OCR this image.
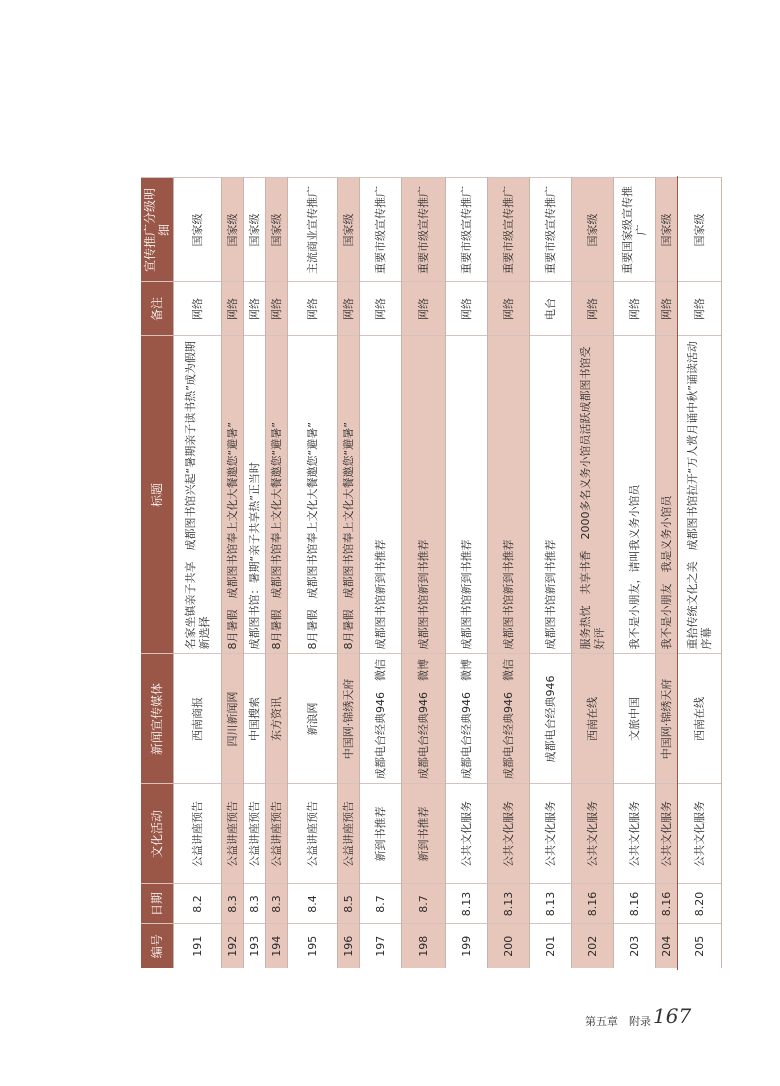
编号	日期	文化活动	新闻宣传媒体	标题	备注	宣传推广分级明细
191	8.2	公益讲座预告	西南商报	名家坐镇亲子共享　成都图书馆兴起“暑期亲子读书热”成为假期新选择	网络	国家级
192	8.3	公益讲座预告	四川新闻网	8月暑假　成都图书馆奉上文化大餐邀您“避暑”	网络	国家级
193	8.3	公益讲座预告	中国搜索	成都图书馆：暑期“亲子共享热”正当时	网络	国家级
194	8.3	公益讲座预告	东方资讯	8月暑假　成都图书馆奉上文化大餐邀您“避暑”	网络	国家级
195	8.4	公益讲座预告	新浪网	8月暑假　成都图书馆奉上文化大餐邀您“避暑”	网络	主流商业宣传推广
196	8.5	公益讲座预告	中国网·锦绣天府	8月暑假　成都图书馆奉上文化大餐邀您“避暑”	网络	国家级
197	8.7	新到书推荐	成都电台经典946　微信	成都图书馆新到书推荐	网络	重要市级宣传推广
198	8.7	新到书推荐	成都电台经典946　微博	成都图书馆新到书推荐	网络	重要市级宣传推广
199	8.13	公共文化服务	成都电台经典946　微博	成都图书馆新到书推荐	网络	重要市级宣传推广
200	8.13	公共文化服务	成都电台经典946　微信	成都图书馆新到书推荐	网络	重要市级宣传推广
201	8.13	公共文化服务	成都电台经典946	成都图书馆新到书推荐	电台	重要市级宣传推广
202	8.16	公共文化服务	西南在线	服务热忱　共享书香　2000多名义务小馆员活跃成都图书馆受好评	网络	国家级
203	8.16	公共文化服务	文旅中国	我不是小朋友，请叫我义务小馆员	网络	重要国家级宣传推广
204	8.16	公共文化服务	中国网·锦绣天府	我不是小朋友　我是义务小馆员	网络	国家级
205	8.20	公共文化服务	西南在线	重拾传统文化之美　成都图书馆拉开“万人赏月诵中秋”诵读活动序幕	网络	国家级
第五章　附录 167
